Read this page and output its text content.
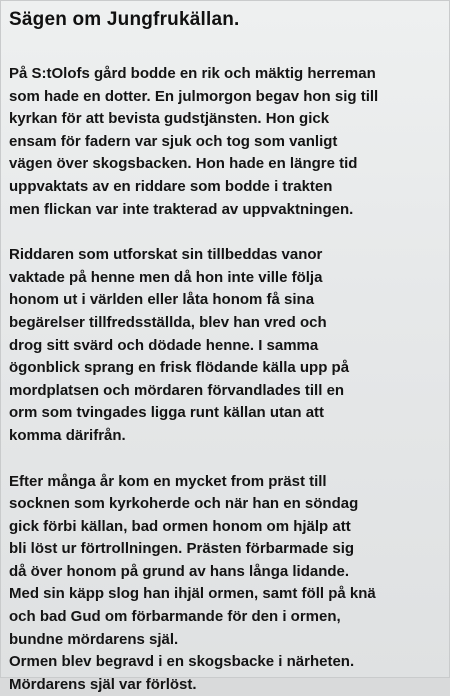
Sägen om Jungfrukällan.
På S:tOlofs gård bodde en rik och mäktig herreman
som hade en dotter. En julmorgon begav hon sig till
kyrkan för att bevista gudstjänsten. Hon gick
ensam för fadern var sjuk och tog som vanligt
vägen över skogsbacken. Hon hade en längre tid
uppvaktats av en riddare som bodde i trakten
men flickan var inte trakterad av uppvaktningen.
Riddaren som utforskat sin tillbeddas vanor
vaktade på henne men då hon inte ville följa
honom ut i världen eller låta honom få sina
begärelser tillfredsställda, blev han vred och
drog sitt svärd och dödade henne. I samma
ögonblick sprang en frisk flödande källa upp på
mordplatsen och mördaren förvandlades till en
orm som tvingades ligga runt källan utan att
komma därifrån.
Efter många år kom en mycket from präst till
socknen som kyrkoherde och när han en söndag
gick förbi källan, bad ormen honom om hjälp att
bli löst ur förtrollningen. Prästen förbarmade sig
då över honom på grund av hans långa lidande.
Med sin käpp slog han ihjäl ormen, samt föll på knä
och bad Gud om förbarmande för den i ormen,
bundne mördarens själ.
Ormen blev begravd i en skogsbacke i närheten.
Mördarens själ var förlöst.
